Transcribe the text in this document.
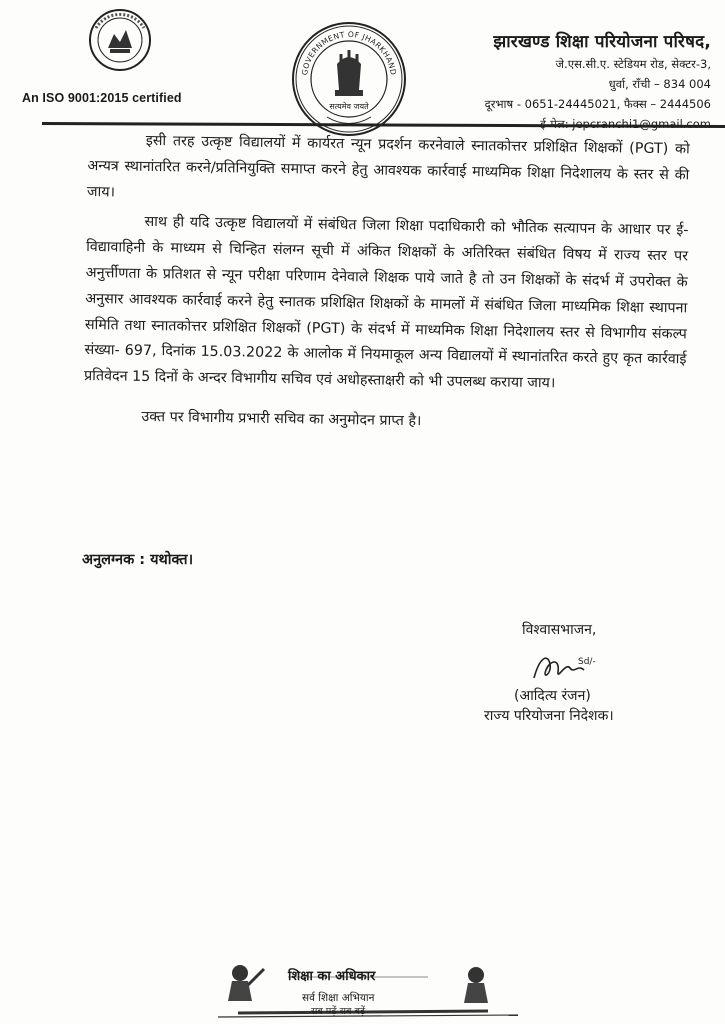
An ISO 9001:2015 certified
GOVERNMENT OF JHARKHAND
सत्यमेव जयते
झारखण्ड शिक्षा परियोजना परिषद,
जे.एस.सी.ए. स्टेडियम रोड, सेक्टर-3,
धुर्वा, राँची – 834 004
दूरभाष - 0651-24445021, फैक्स – 2444506

इसी तरह उत्कृष्ट विद्यालयों में कार्यरत न्यून प्रदर्शन करनेवाले स्नातकोत्तर प्रशिक्षित शिक्षकों (PGT) को अन्यत्र स्थानांतरित करने/प्रतिनियुक्ति समाप्त करने हेतु आवश्यक कार्रवाई माध्यमिक शिक्षा निदेशालय के स्तर से की जाय।

साथ ही यदि उत्कृष्ट विद्यालयों में संबंधित जिला शिक्षा पदाधिकारी को भौतिक सत्यापन के आधार पर ई-विद्यावाहिनी के माध्यम से चिन्हित संलग्न सूची में अंकित शिक्षकों के अतिरिक्त संबंधित विषय में राज्य स्तर पर अनुर्त्तीणता के प्रतिशत से न्यून परीक्षा परिणाम देनेवाले शिक्षक पाये जाते है तो उन शिक्षकों के संदर्भ में उपरोक्त के अनुसार आवश्यक कार्रवाई करने हेतु स्नातक प्रशिक्षित शिक्षकों के मामलों में संबंधित जिला माध्यमिक शिक्षा स्थापना समिति तथा स्नातकोत्तर प्रशिक्षित शिक्षकों (PGT) के संदर्भ में माध्यमिक शिक्षा निदेशालय स्तर से विभागीय संकल्प संख्या- 697, दिनांक 15.03.2022 के आलोक में नियमाकूल अन्य विद्यालयों में स्थानांतरित करते हुए कृत कार्रवाई प्रतिवेदन 15 दिनों के अन्दर विभागीय सचिव एवं अधोहस्ताक्षरी को भी उपलब्ध कराया जाय।

उक्त पर विभागीय प्रभारी सचिव का अनुमोदन प्राप्त है।

अनुलग्नक : यथोक्त।
विश्वासभाजन,
Sd/-
(आदित्य रंजन)
राज्य परियोजना निदेशक।
शिक्षा का अधिकार
सर्व शिक्षा अभियान
सब पढ़ें सब बढ़ें
